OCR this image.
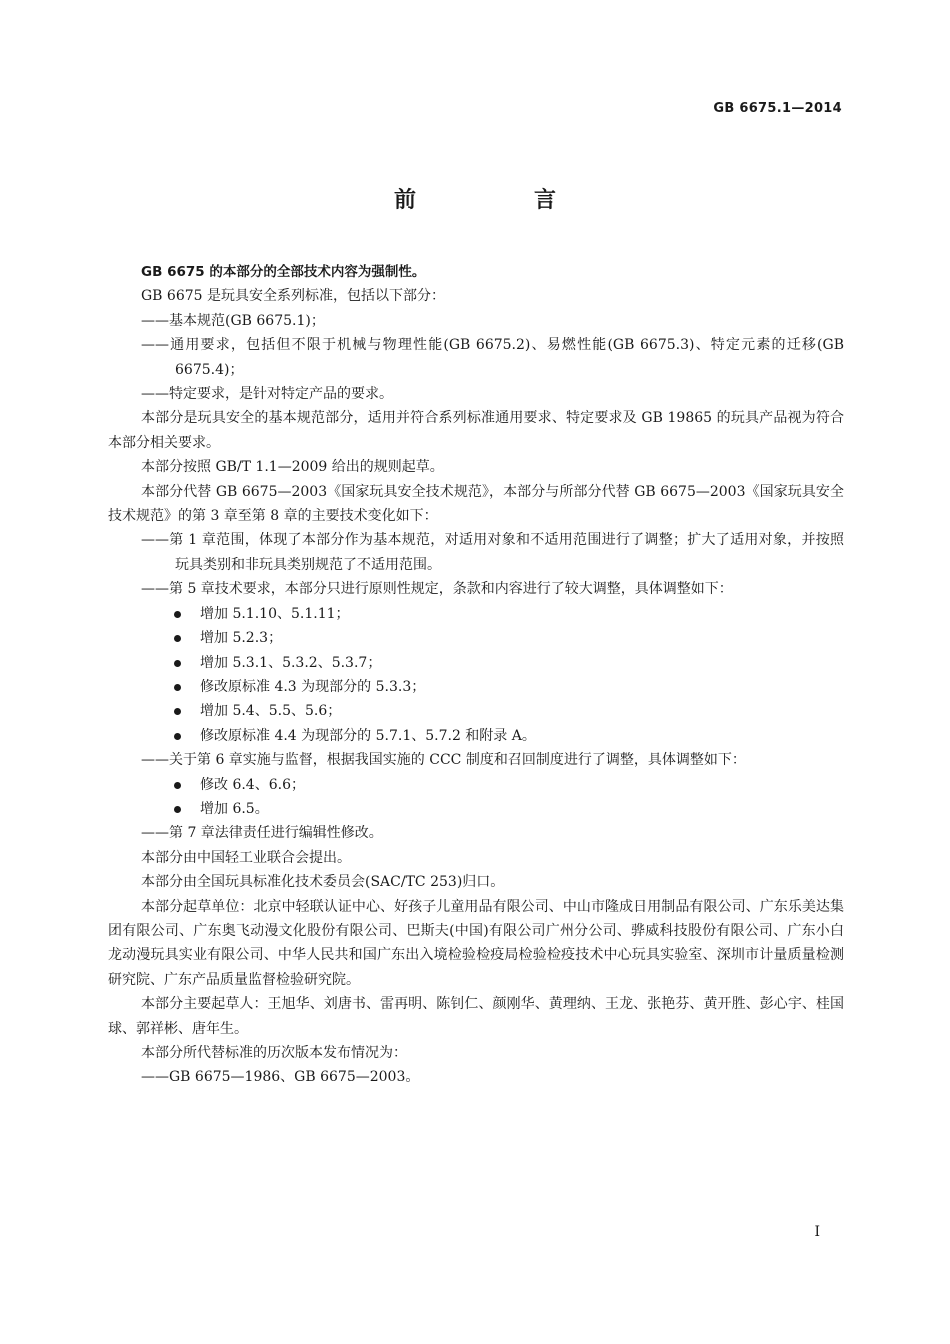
GB 6675.1—2014
前　言

GB 6675 的本部分的全部技术内容为强制性。

GB 6675 是玩具安全系列标准，包括以下部分：

——基本规范(GB 6675.1)；

——通用要求，包括但不限于机械与物理性能(GB 6675.2)、易燃性能(GB 6675.3)、特定元素的迁移(GB 6675.4)；

——特定要求，是针对特定产品的要求。

本部分是玩具安全的基本规范部分，适用并符合系列标准通用要求、特定要求及 GB 19865 的玩具产品视为符合本部分相关要求。

本部分按照 GB/T 1.1—2009 给出的规则起草。

本部分代替 GB 6675—2003《国家玩具安全技术规范》，本部分与所部分代替 GB 6675—2003《国家玩具安全技术规范》的第 3 章至第 8 章的主要技术变化如下：

——第 1 章范围，体现了本部分作为基本规范，对适用对象和不适用范围进行了调整；扩大了适用对象，并按照玩具类别和非玩具类别规范了不适用范围。

——第 5 章技术要求，本部分只进行原则性规定，条款和内容进行了较大调整，具体调整如下：

增加 5.1.10、5.1.11；
增加 5.2.3；
增加 5.3.1、5.3.2、5.3.7；
修改原标准 4.3 为现部分的 5.3.3；
增加 5.4、5.5、5.6；
修改原标准 4.4 为现部分的 5.7.1、5.7.2 和附录 A。

——关于第 6 章实施与监督，根据我国实施的 CCC 制度和召回制度进行了调整，具体调整如下：

修改 6.4、6.6；
增加 6.5。

——第 7 章法律责任进行编辑性修改。

本部分由中国轻工业联合会提出。

本部分由全国玩具标准化技术委员会(SAC/TC 253)归口。

本部分起草单位：北京中轻联认证中心、好孩子儿童用品有限公司、中山市隆成日用制品有限公司、广东乐美达集团有限公司、广东奥飞动漫文化股份有限公司、巴斯夫(中国)有限公司广州分公司、骅威科技股份有限公司、广东小白龙动漫玩具实业有限公司、中华人民共和国广东出入境检验检疫局检验检疫技术中心玩具实验室、深圳市计量质量检测研究院、广东产品质量监督检验研究院。

本部分主要起草人：王旭华、刘唐书、雷再明、陈钊仁、颜刚华、黄理纳、王龙、张艳芬、黄开胜、彭心宇、桂国球、郭祥彬、唐年生。

本部分所代替标准的历次版本发布情况为：

——GB 6675—1986、GB 6675—2003。

I
